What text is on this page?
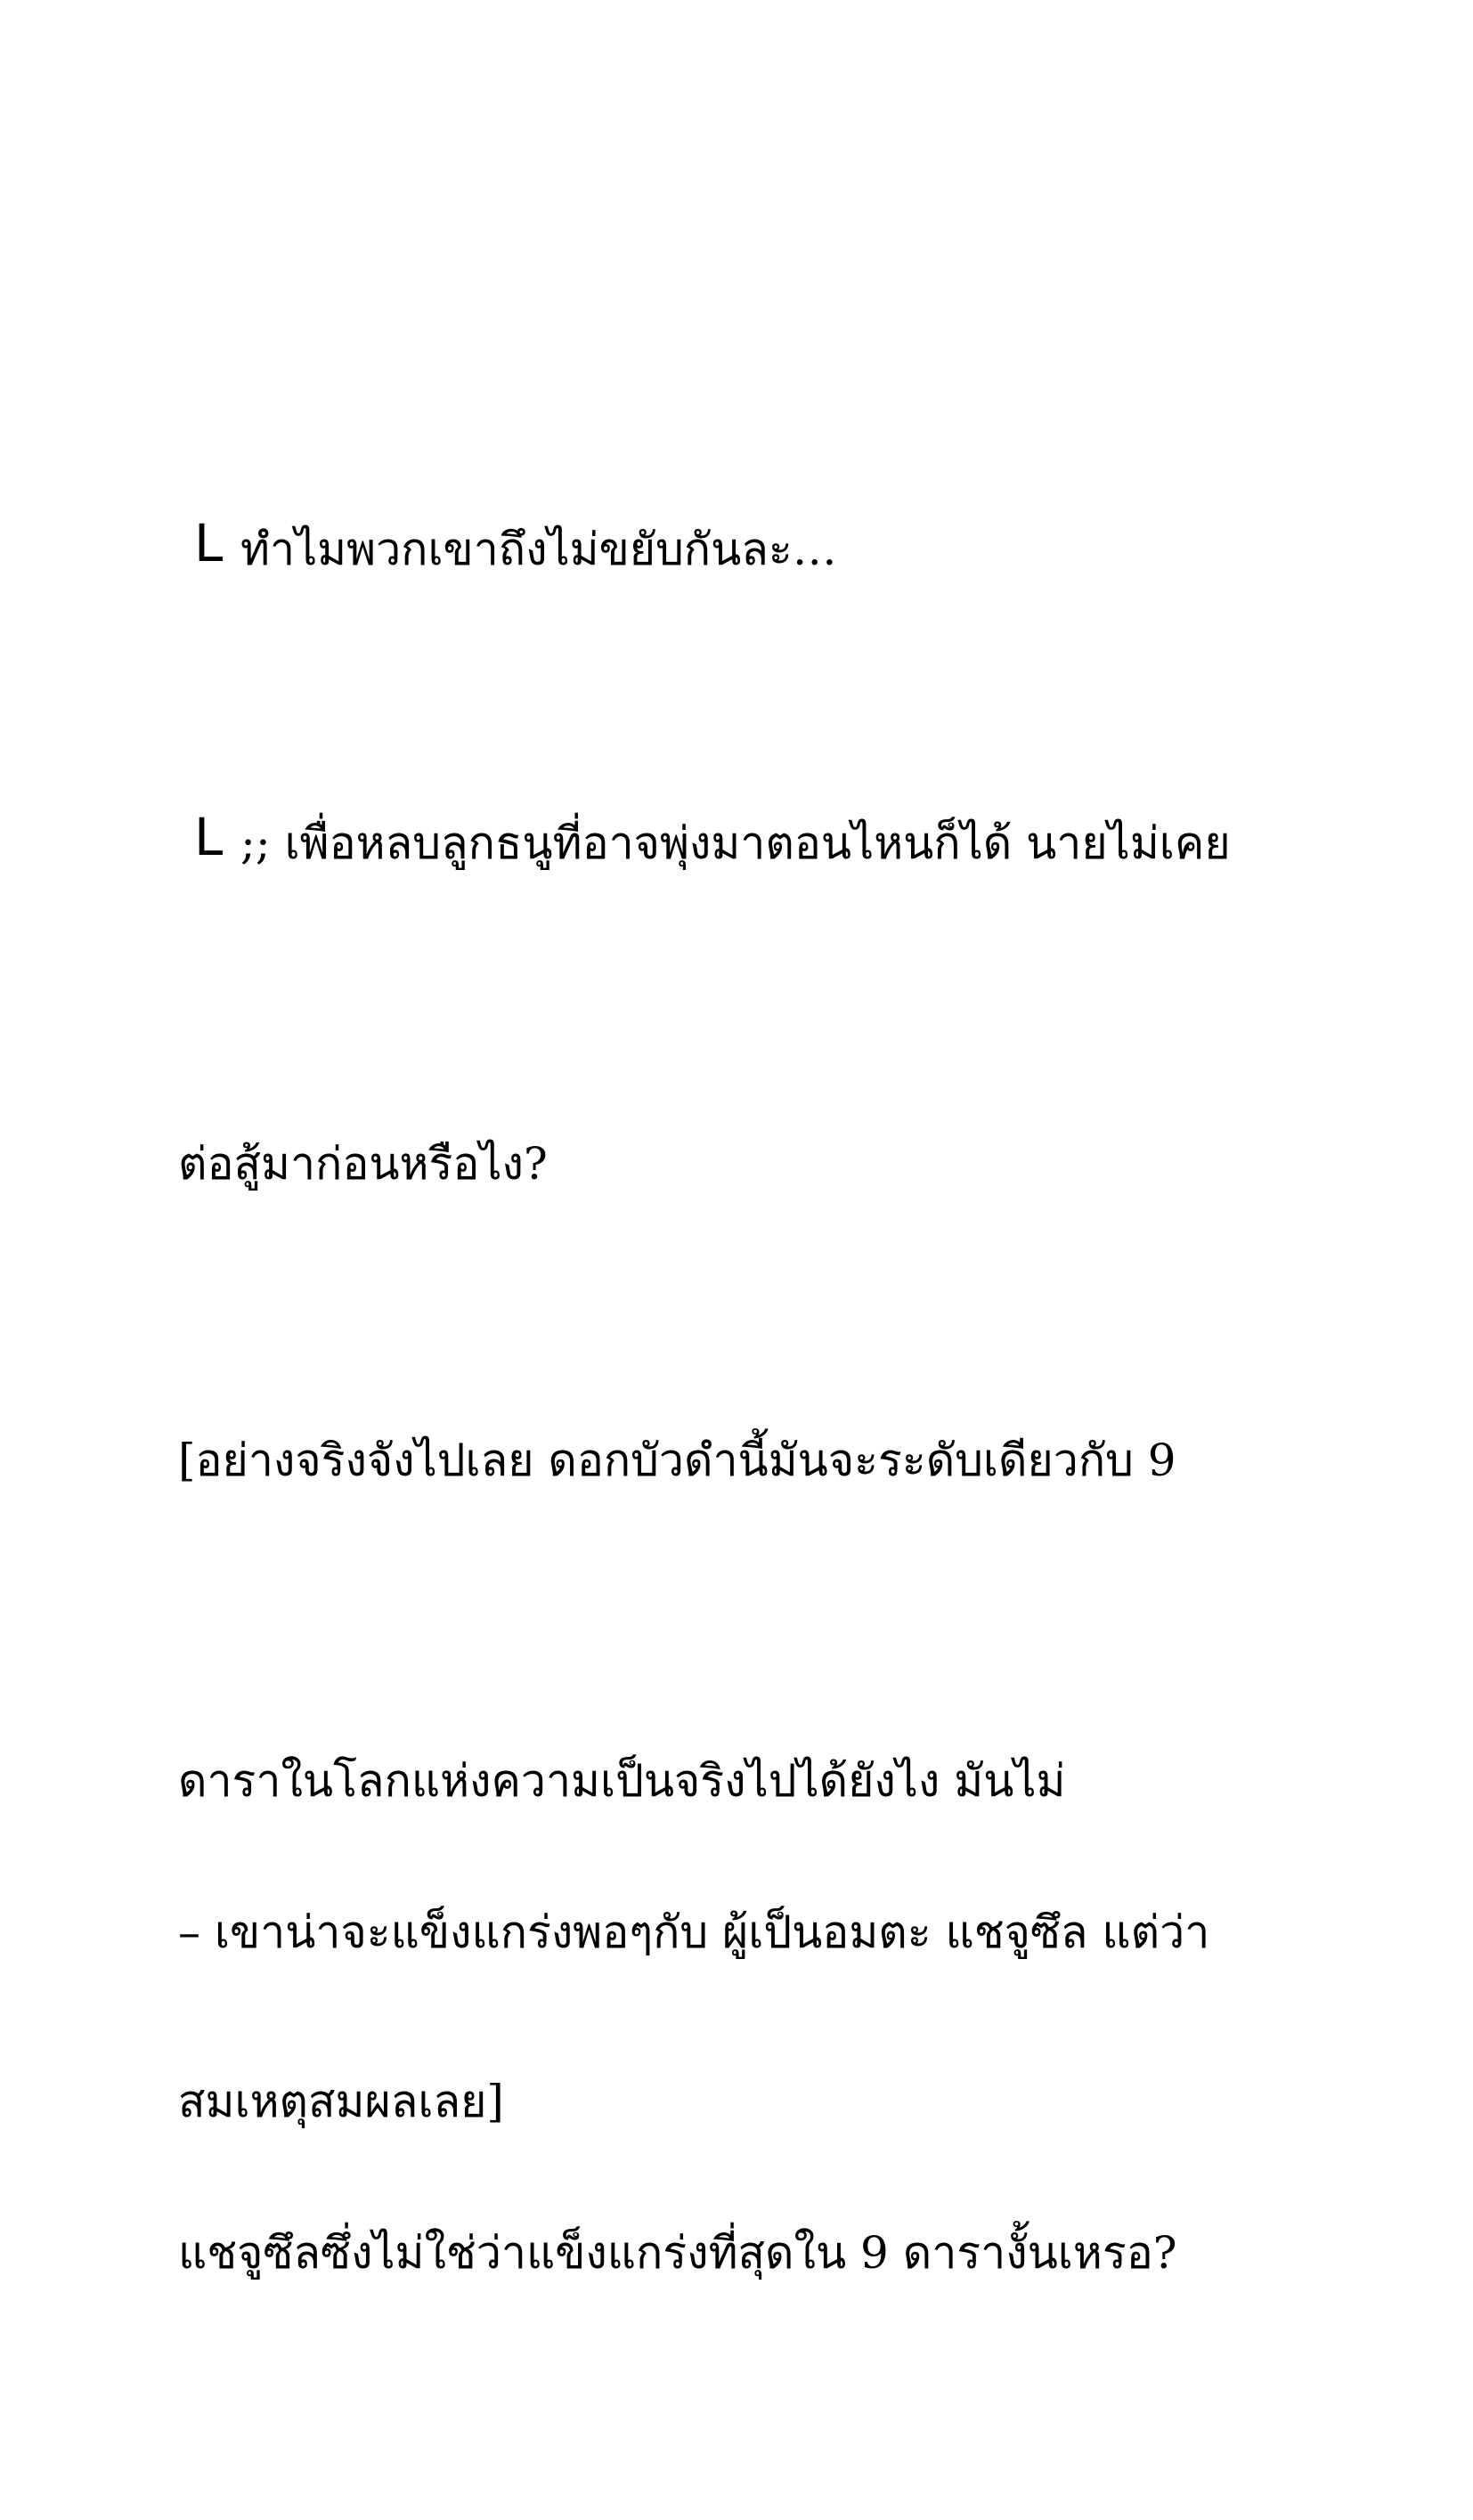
L ทำไมพวกเขาถึงไม่ขยับกันละ…

L ;; เพื่อหลบลูกธนูที่อาจพุ่งมาตอนไหนก็ได้ นายไม่เคย

ต่อสู้มาก่อนหรือไง?

[อย่างจริงจังไปเลย ดอกบัวดำนี้มันจะระดับเดียวกับ 9

ดาราในโลกแห่งความเป็นจริงไปได้ยังไง มันไม่

สมเหตุสมผลเลย]

– เขาน่าจะแข็งแกร่งพอๆกับ ผู้เป็นอมตะ แชจูซึล แต่ว่า

แชจูซึลซึ่งไม่ใช่ว่าแข็งแกร่งที่สุดใน 9 ดารางั้นเหรอ?
